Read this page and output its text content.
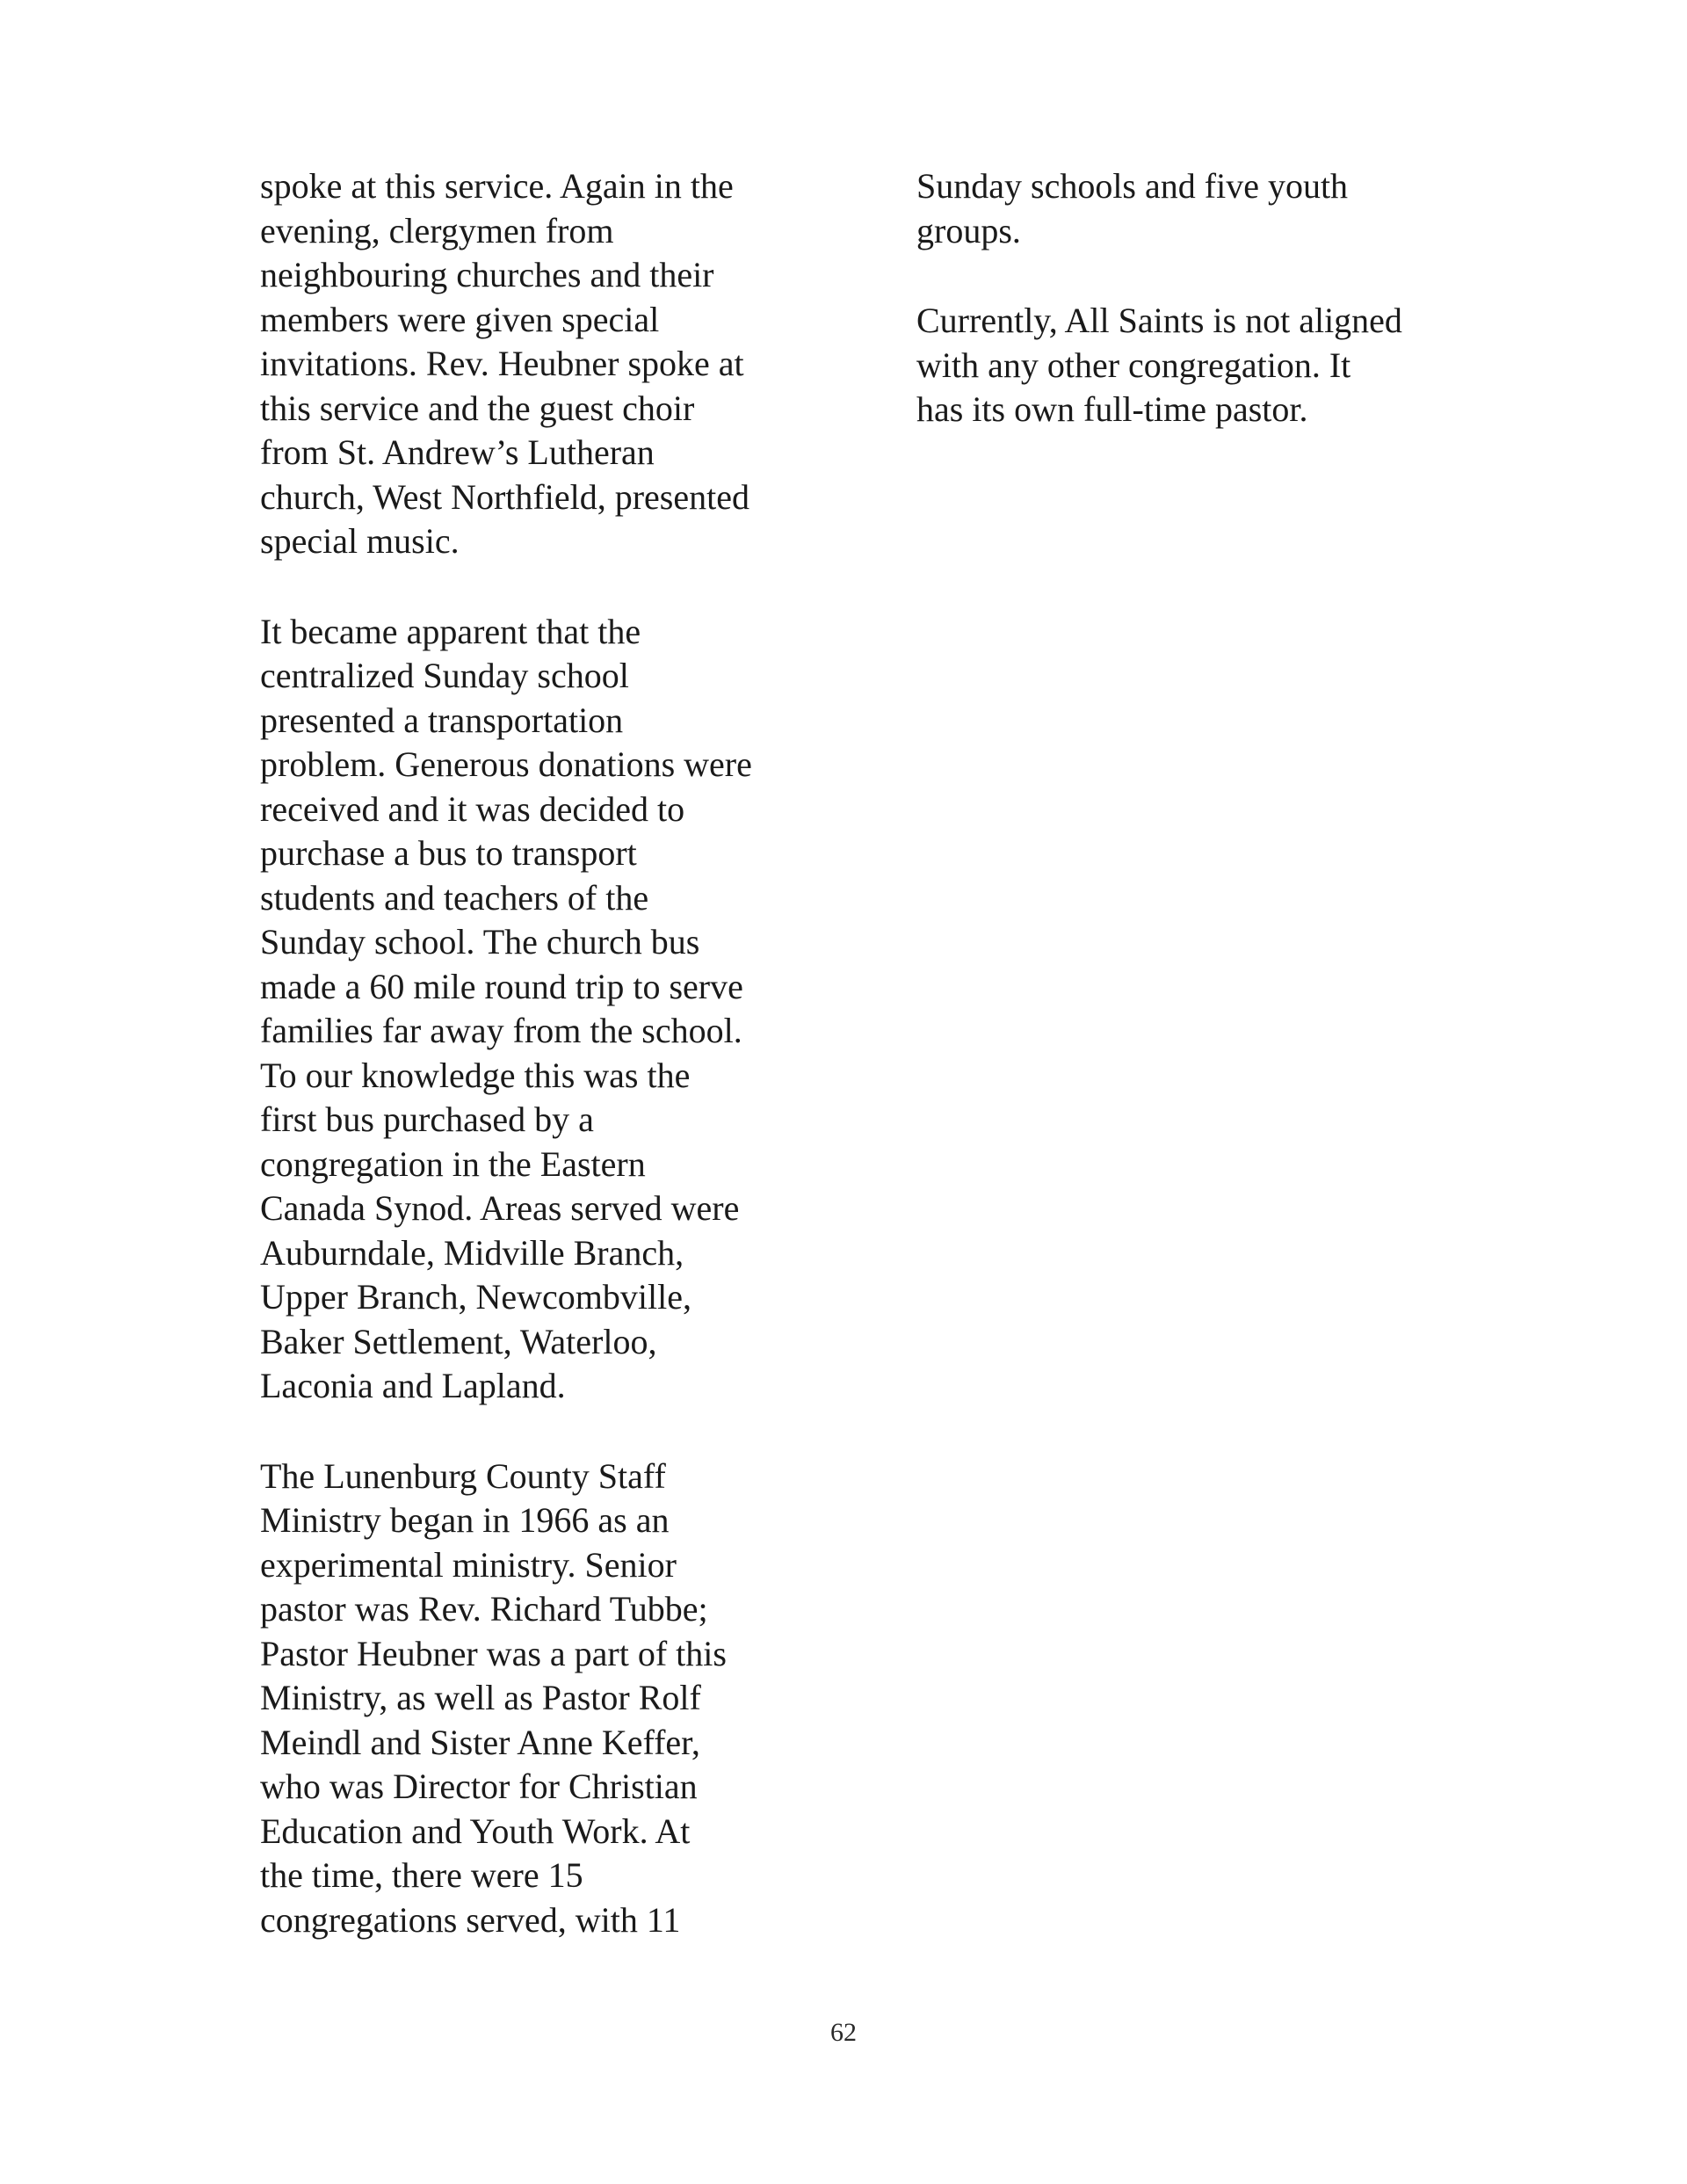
spoke at this service. Again in the
evening, clergymen from
neighbouring churches and their
members were given special
invitations. Rev. Heubner spoke at
this service and the guest choir
from St. Andrew’s Lutheran
church, West Northfield, presented
special music.

It became apparent that the
centralized Sunday school
presented a transportation
problem. Generous donations were
received and it was decided to
purchase a bus to transport
students and teachers of the
Sunday school. The church bus
made a 60 mile round trip to serve
families far away from the school.
To our knowledge this was the
first bus purchased by a
congregation in the Eastern
Canada Synod. Areas served were
Auburndale, Midville Branch,
Upper Branch, Newcombville,
Baker Settlement, Waterloo,
Laconia and Lapland.

The Lunenburg County Staff
Ministry began in 1966 as an
experimental ministry. Senior
pastor was Rev. Richard Tubbe;
Pastor Heubner was a part of this
Ministry, as well as Pastor Rolf
Meindl and Sister Anne Keffer,
who was Director for Christian
Education and Youth Work. At
the time, there were 15
congregations served, with 11

Sunday schools and five youth
groups.

Currently, All Saints is not aligned
with any other congregation. It
has its own full-time pastor.

62
